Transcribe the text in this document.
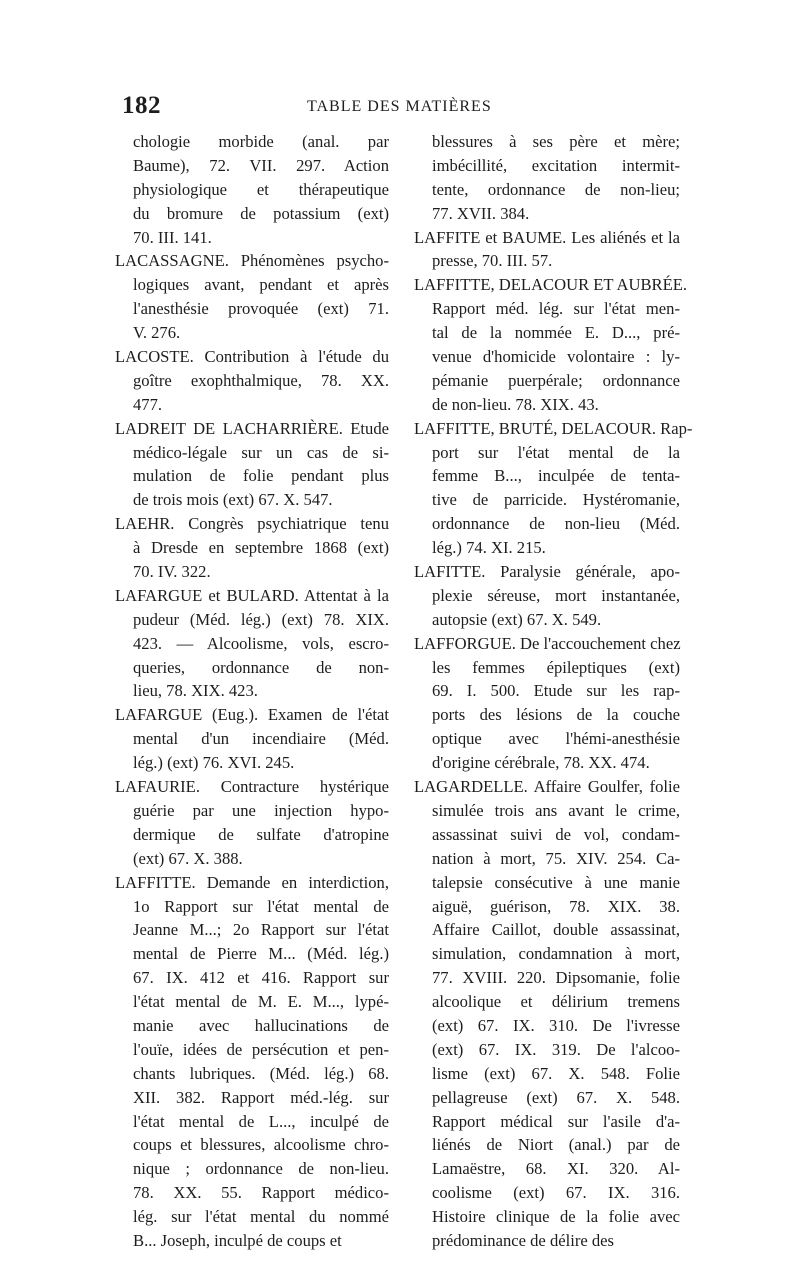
182	TABLE DES MATIÈRES
chologie morbide (anal. par
Baume), 72. VII. 297. Action
physiologique et thérapeutique
du bromure de potassium (ext)
70. III. 141.
LACASSAGNE. Phénomènes psycho-
logiques avant, pendant et après
l'anesthésie provoquée (ext) 71.
V. 276.
LACOSTE. Contribution à l'étude du
goître exophthalmique, 78. XX.
477.
LADREIT DE LACHARRIÈRE. Etude
médico-légale sur un cas de si-
mulation de folie pendant plus
de trois mois (ext) 67. X. 547.
LAEHR. Congrès psychiatrique tenu
à Dresde en septembre 1868 (ext)
70. IV. 322.
LAFARGUE et BULARD. Attentat à la
pudeur (Méd. lég.) (ext) 78. XIX.
423. — Alcoolisme, vols, escro-
queries, ordonnance de non-
lieu, 78. XIX. 423.
LAFARGUE (Eug.). Examen de l'état
mental d'un incendiaire (Méd.
lég.) (ext) 76. XVI. 245.
LAFAURIE. Contracture hystérique
guérie par une injection hypo-
dermique de sulfate d'atropine
(ext) 67. X. 388.
LAFFITTE. Demande en interdiction,
1o Rapport sur l'état mental de
Jeanne M...; 2o Rapport sur l'état
mental de Pierre M... (Méd. lég.)
67. IX. 412 et 416. Rapport sur
l'état mental de M. E. M..., lypé-
manie avec hallucinations de
l'ouïe, idées de persécution et pen-
chants lubriques. (Méd. lég.) 68.
XII. 382. Rapport méd.-lég. sur
l'état mental de L..., inculpé de
coups et blessures, alcoolisme chro-
nique ; ordonnance de non-lieu.
78. XX. 55. Rapport médico-
lég. sur l'état mental du nommé
B... Joseph, inculpé de coups et
blessures à ses père et mère;
imbécillité, excitation intermit-
tente, ordonnance de non-lieu;
77. XVII. 384.
LAFFITE et BAUME. Les aliénés et la
presse, 70. III. 57.
LAFFITTE, DELACOUR ET AUBRÉE.
Rapport méd. lég. sur l'état men-
tal de la nommée E. D..., pré-
venue d'homicide volontaire : ly-
pémanie puerpérale; ordonnance
de non-lieu. 78. XIX. 43.
LAFFITTE, BRUTÉ, DELACOUR. Rap-
port sur l'état mental de la
femme B..., inculpée de tenta-
tive de parricide. Hystéromanie,
ordonnance de non-lieu (Méd.
lég.) 74. XI. 215.
LAFITTE. Paralysie générale, apo-
plexie séreuse, mort instantanée,
autopsie (ext) 67. X. 549.
LAFFORGUE. De l'accouchement chez
les femmes épileptiques (ext)
69. I. 500. Etude sur les rap-
ports des lésions de la couche
optique avec l'hémi-anesthésie
d'origine cérébrale, 78. XX. 474.
LAGARDELLE. Affaire Goulfer, folie
simulée trois ans avant le crime,
assassinat suivi de vol, condam-
nation à mort, 75. XIV. 254. Ca-
talepsie consécutive à une manie
aiguë, guérison, 78. XIX. 38.
Affaire Caillot, double assassinat,
simulation, condamnation à mort,
77. XVIII. 220. Dipsomanie, folie
alcoolique et délirium tremens
(ext) 67. IX. 310. De l'ivresse
(ext) 67. IX. 319. De l'alcoo-
lisme (ext) 67. X. 548. Folie
pellagreuse (ext) 67. X. 548.
Rapport médical sur l'asile d'a-
liénés de Niort (anal.) par de
Lamaëstre, 68. XI. 320. Al-
coolisme (ext) 67. IX. 316.
Histoire clinique de la folie avec
prédominance de délire des
